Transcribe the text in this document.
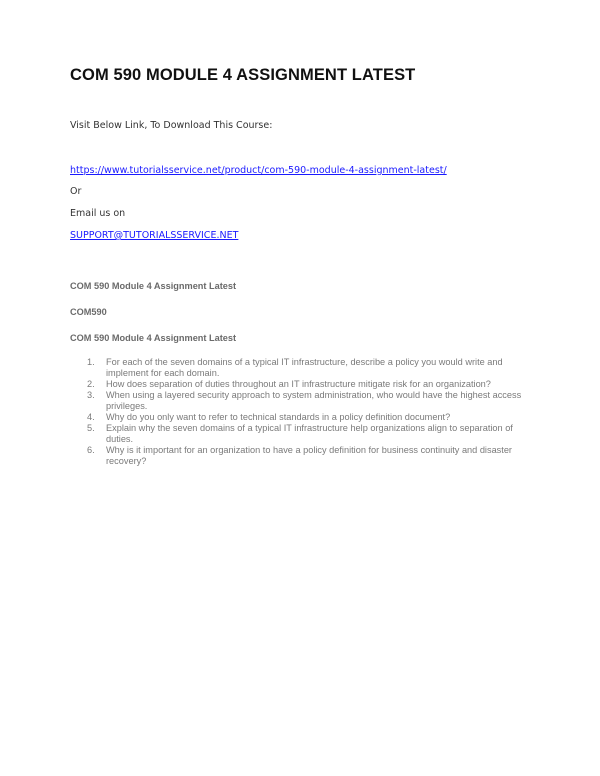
COM 590 MODULE 4 ASSIGNMENT LATEST

Visit Below Link, To Download This Course:

https://www.tutorialsservice.net/product/com-590-module-4-assignment-latest/

Or

Email us on

SUPPORT@TUTORIALSSERVICE.NET

COM 590 Module 4 Assignment Latest

COM590

COM 590 Module 4 Assignment Latest

1. For each of the seven domains of a typical IT infrastructure, describe a policy you would write and implement for each domain.
2. How does separation of duties throughout an IT infrastructure mitigate risk for an organization?
3. When using a layered security approach to system administration, who would have the highest access privileges.
4. Why do you only want to refer to technical standards in a policy definition document?
5. Explain why the seven domains of a typical IT infrastructure help organizations align to separation of duties.
6. Why is it important for an organization to have a policy definition for business continuity and disaster recovery?
